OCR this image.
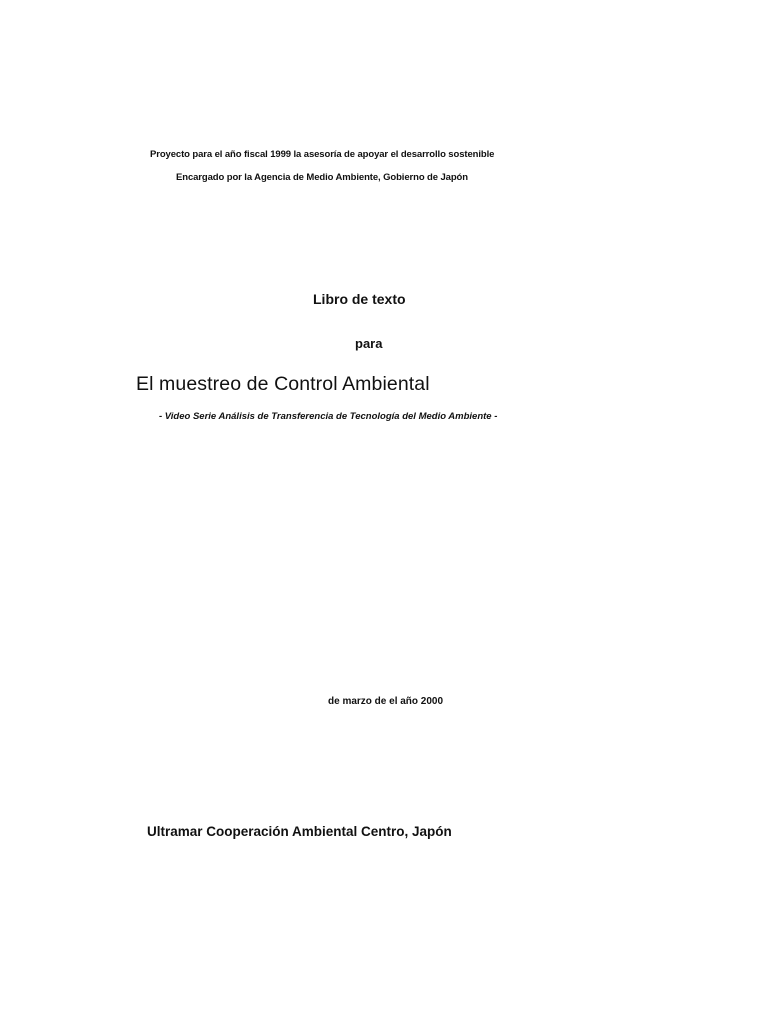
Proyecto para el año fiscal 1999 la asesoría de apoyar el desarrollo sostenible

Encargado por la Agencia de Medio Ambiente, Gobierno de Japón

Libro de texto

para

El muestreo de Control Ambiental

- Video Serie Análisis de Transferencia de Tecnología del Medio Ambiente -

de marzo de el año 2000

Ultramar Cooperación Ambiental Centro, Japón
